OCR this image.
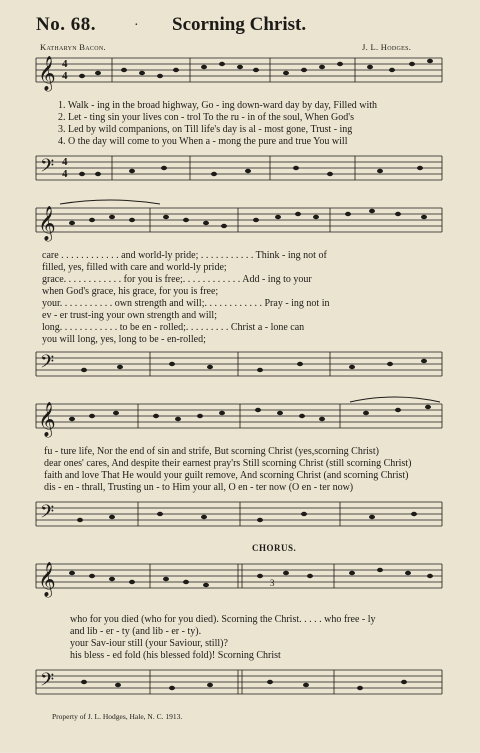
No. 68.	· Scorning Christ.
Katharyn Bacon.	J. L. Hodges.
𝄞 4
4
1. Walk - ing in the broad highway, Go - ing down-ward day by day, Filled with
2. Let - ting sin your lives con - trol To the ru - in of the soul, When God's
3. Led by wild companions, on Till life's day is al - most gone, Trust - ing
4. O the day will come to you When a - mong the pure and true You will
𝄢 4
4
𝄞
care . . . . . . . . . . . . and world-ly pride; . . . . . . . . . . . Think - ing not of
filled, yes, filled with care and world-ly pride;
grace. . . . . . . . . . . . for you is free;. . . . . . . . . . . . Add - ing to your
when God's grace, his grace, for you is free;
your. . . . . . . . . . . own strength and will;. . . . . . . . . . . . Pray - ing not in
ev - er trust-ing your own strength and will;
long. . . . . . . . . . . . to be en - rolled;. . . . . . . . . Christ a - lone can
you will long, yes, long to be - en-rolled;
𝄢
𝄞
fu - ture life, Nor the end of sin and strife, But scorning Christ (yes,scorning Christ)
dear ones' cares, And despite their earnest pray'rs Still scorning Christ (still scorning Christ)
faith and love That He would your guilt remove, And scorning Christ (and scorning Christ)
dis - en - thrall, Trusting un - to Him your all, O en - ter now (O en - ter now)
𝄢
CHORUS.
𝄞	3
who for you died (who for you died). Scorning the Christ. . . . . who free - ly
and lib - er - ty (and lib - er - ty).
your Sav-iour still (your Saviour, still)?
his bless - ed fold (his blessed fold)! Scorning Christ
𝄢
Property of J. L. Hodges, Hale, N. C. 1913.
